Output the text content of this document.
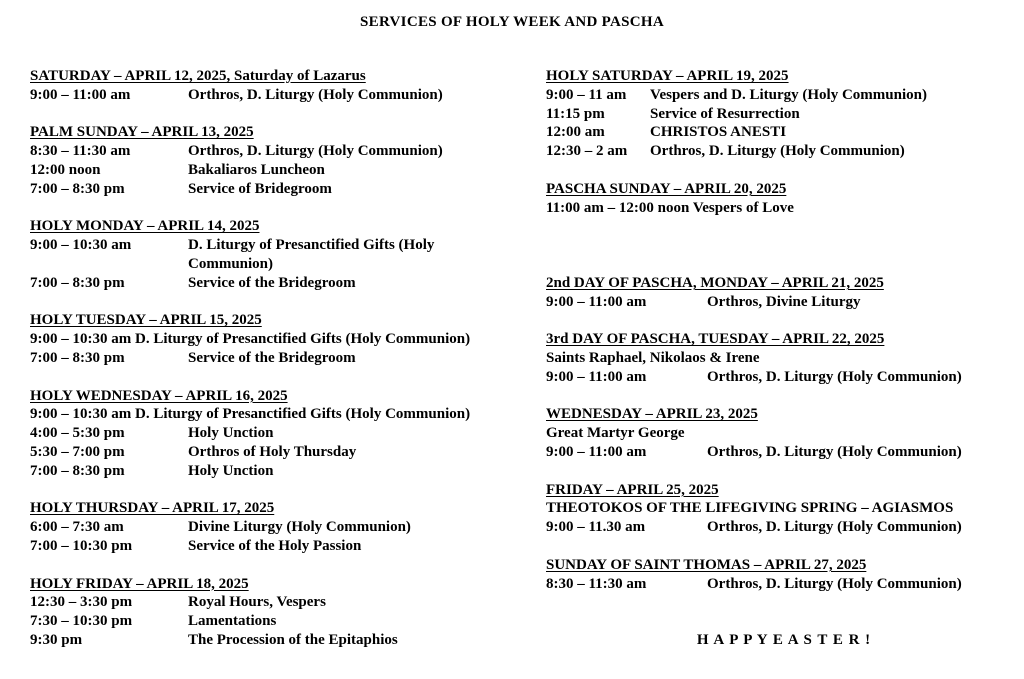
SERVICES OF HOLY WEEK AND PASCHA
SATURDAY – APRIL 12, 2025, Saturday of Lazarus
9:00 – 11:00 am	Orthros, D. Liturgy (Holy Communion)
PALM SUNDAY – APRIL 13, 2025
8:30 – 11:30 am	Orthros, D. Liturgy (Holy Communion)
12:00 noon	Bakaliaros Luncheon
7:00 – 8:30 pm	Service of Bridegroom
HOLY MONDAY – APRIL 14, 2025
9:00 – 10:30 am	D. Liturgy of Presanctified Gifts (Holy
Communion)
7:00 – 8:30 pm	Service of the Bridegroom
HOLY TUESDAY – APRIL 15, 2025
9:00 – 10:30 am D. Liturgy of Presanctified Gifts (Holy Communion)
7:00 – 8:30 pm	Service of the Bridegroom
HOLY WEDNESDAY – APRIL 16, 2025
9:00 – 10:30 am D. Liturgy of Presanctified Gifts (Holy Communion)
4:00 – 5:30 pm	Holy Unction
5:30 – 7:00 pm	Orthros of Holy Thursday
7:00 – 8:30 pm	Holy Unction
HOLY THURSDAY – APRIL 17, 2025
6:00 – 7:30 am	Divine Liturgy (Holy Communion)
7:00 – 10:30 pm	Service of the Holy Passion
HOLY FRIDAY – APRIL 18, 2025
12:30 – 3:30 pm	Royal Hours, Vespers
7:30 – 10:30 pm	Lamentations
9:30 pm	The Procession of the Epitaphios
HOLY SATURDAY – APRIL 19, 2025
9:00 – 11 am	Vespers and D. Liturgy (Holy Communion)
11:15 pm	Service of Resurrection
12:00 am	CHRISTOS ANESTI
12:30 – 2 am	Orthros, D. Liturgy (Holy Communion)
PASCHA SUNDAY – APRIL 20, 2025
11:00 am – 12:00 noon Vespers of Love
2nd DAY OF PASCHA, MONDAY – APRIL 21, 2025
9:00 – 11:00 am	Orthros, Divine Liturgy
3rd DAY OF PASCHA, TUESDAY – APRIL 22, 2025
Saints Raphael, Nikolaos & Irene
9:00 – 11:00 am	Orthros, D. Liturgy (Holy Communion)
WEDNESDAY – APRIL 23, 2025
Great Martyr George
9:00 – 11:00 am	Orthros, D. Liturgy (Holy Communion)
FRIDAY – APRIL 25, 2025
THEOTOKOS OF THE LIFEGIVING SPRING – AGIASMOS
9:00 – 11.30 am	Orthros, D. Liturgy (Holy Communion)
SUNDAY OF SAINT THOMAS – APRIL 27, 2025
8:30 – 11:30 am	Orthros, D. Liturgy (Holy Communion)
H A P P Y E A S T E R !
